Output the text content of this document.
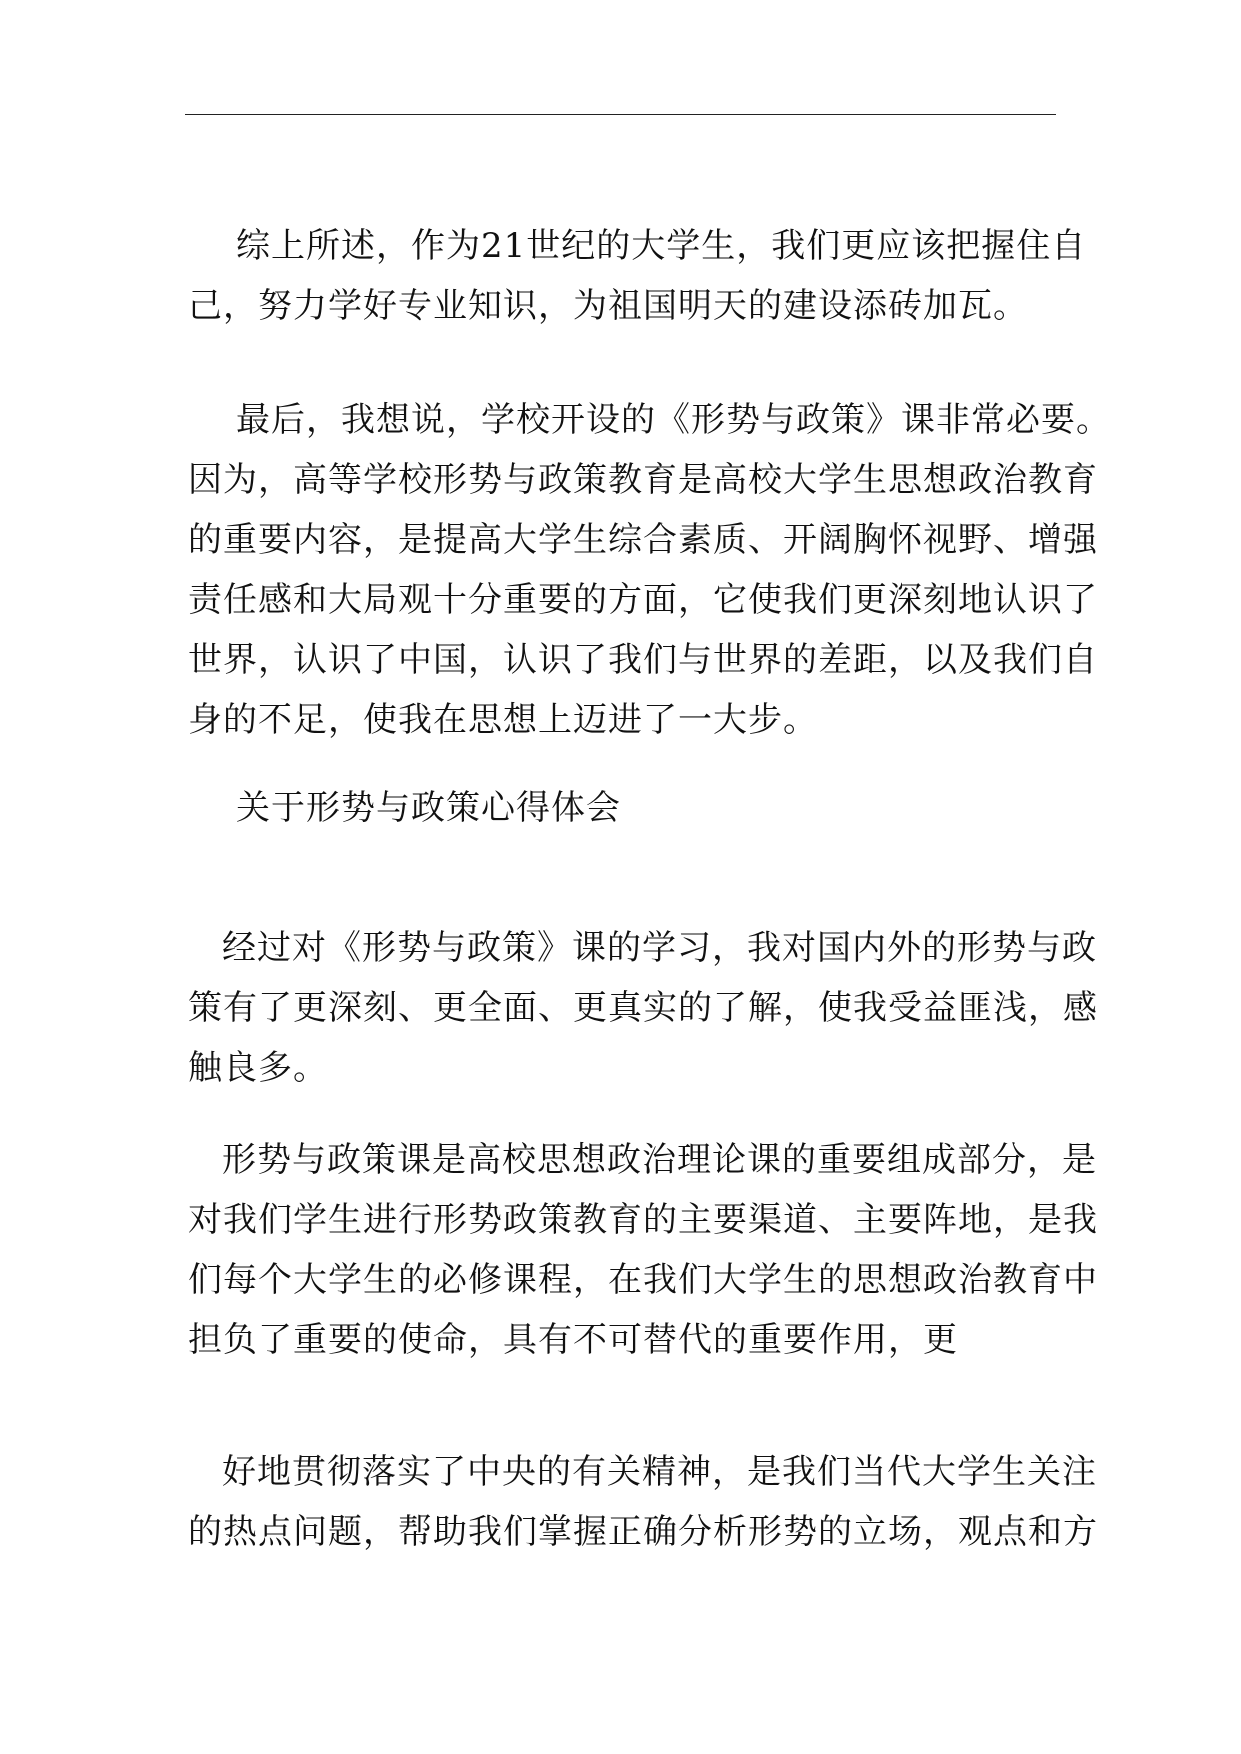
综上所述，作为21世纪的大学生，我们更应该把握住自
己，努力学好专业知识，为祖国明天的建设添砖加瓦。
最后，我想说，学校开设的《形势与政策》课非常必要。
因为，高等学校形势与政策教育是高校大学生思想政治教育
的重要内容，是提高大学生综合素质、开阔胸怀视野、增强
责任感和大局观十分重要的方面，它使我们更深刻地认识了
世界，认识了中国，认识了我们与世界的差距，以及我们自
身的不足，使我在思想上迈进了一大步。
关于形势与政策心得体会
经过对《形势与政策》课的学习，我对国内外的形势与政
策有了更深刻、更全面、更真实的了解，使我受益匪浅，感
触良多。
形势与政策课是高校思想政治理论课的重要组成部分，是
对我们学生进行形势政策教育的主要渠道、主要阵地，是我
们每个大学生的必修课程，在我们大学生的思想政治教育中
担负了重要的使命，具有不可替代的重要作用，更
好地贯彻落实了中央的有关精神，是我们当代大学生关注
的热点问题，帮助我们掌握正确分析形势的立场，观点和方
